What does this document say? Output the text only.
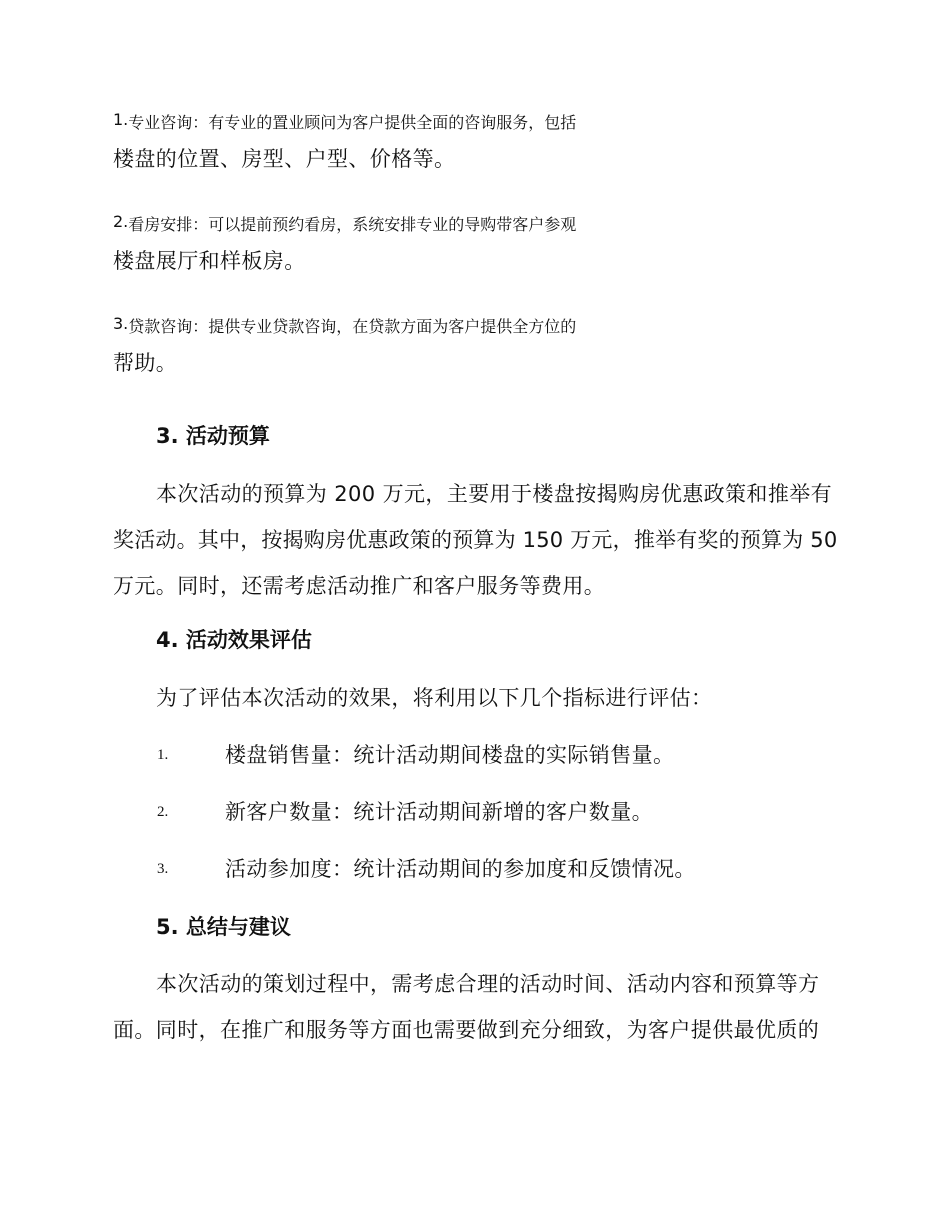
1. 专业咨询：有专业的置业顾问为客户提供全面的咨询服务，包括
楼盘的位置、房型、户型、价格等。
2. 看房安排：可以提前预约看房，系统安排专业的导购带客户参观
楼盘展厅和样板房。
3. 贷款咨询：提供专业贷款咨询，在贷款方面为客户提供全方位的
帮助。
3. 活动预算
本次活动的预算为 200 万元，主要用于楼盘按揭购房优惠政策和推举有
奖活动。其中，按揭购房优惠政策的预算为 150 万元，推举有奖的预算为 50
万元。同时，还需考虑活动推广和客户服务等费用。
4. 活动效果评估
为了评估本次活动的效果，将利用以下几个指标进行评估：
1.	楼盘销售量：统计活动期间楼盘的实际销售量。
2.	新客户数量：统计活动期间新增的客户数量。
3.	活动参加度：统计活动期间的参加度和反馈情况。
5. 总结与建议
本次活动的策划过程中，需考虑合理的活动时间、活动内容和预算等方
面。同时，在推广和服务等方面也需要做到充分细致，为客户提供最优质的
